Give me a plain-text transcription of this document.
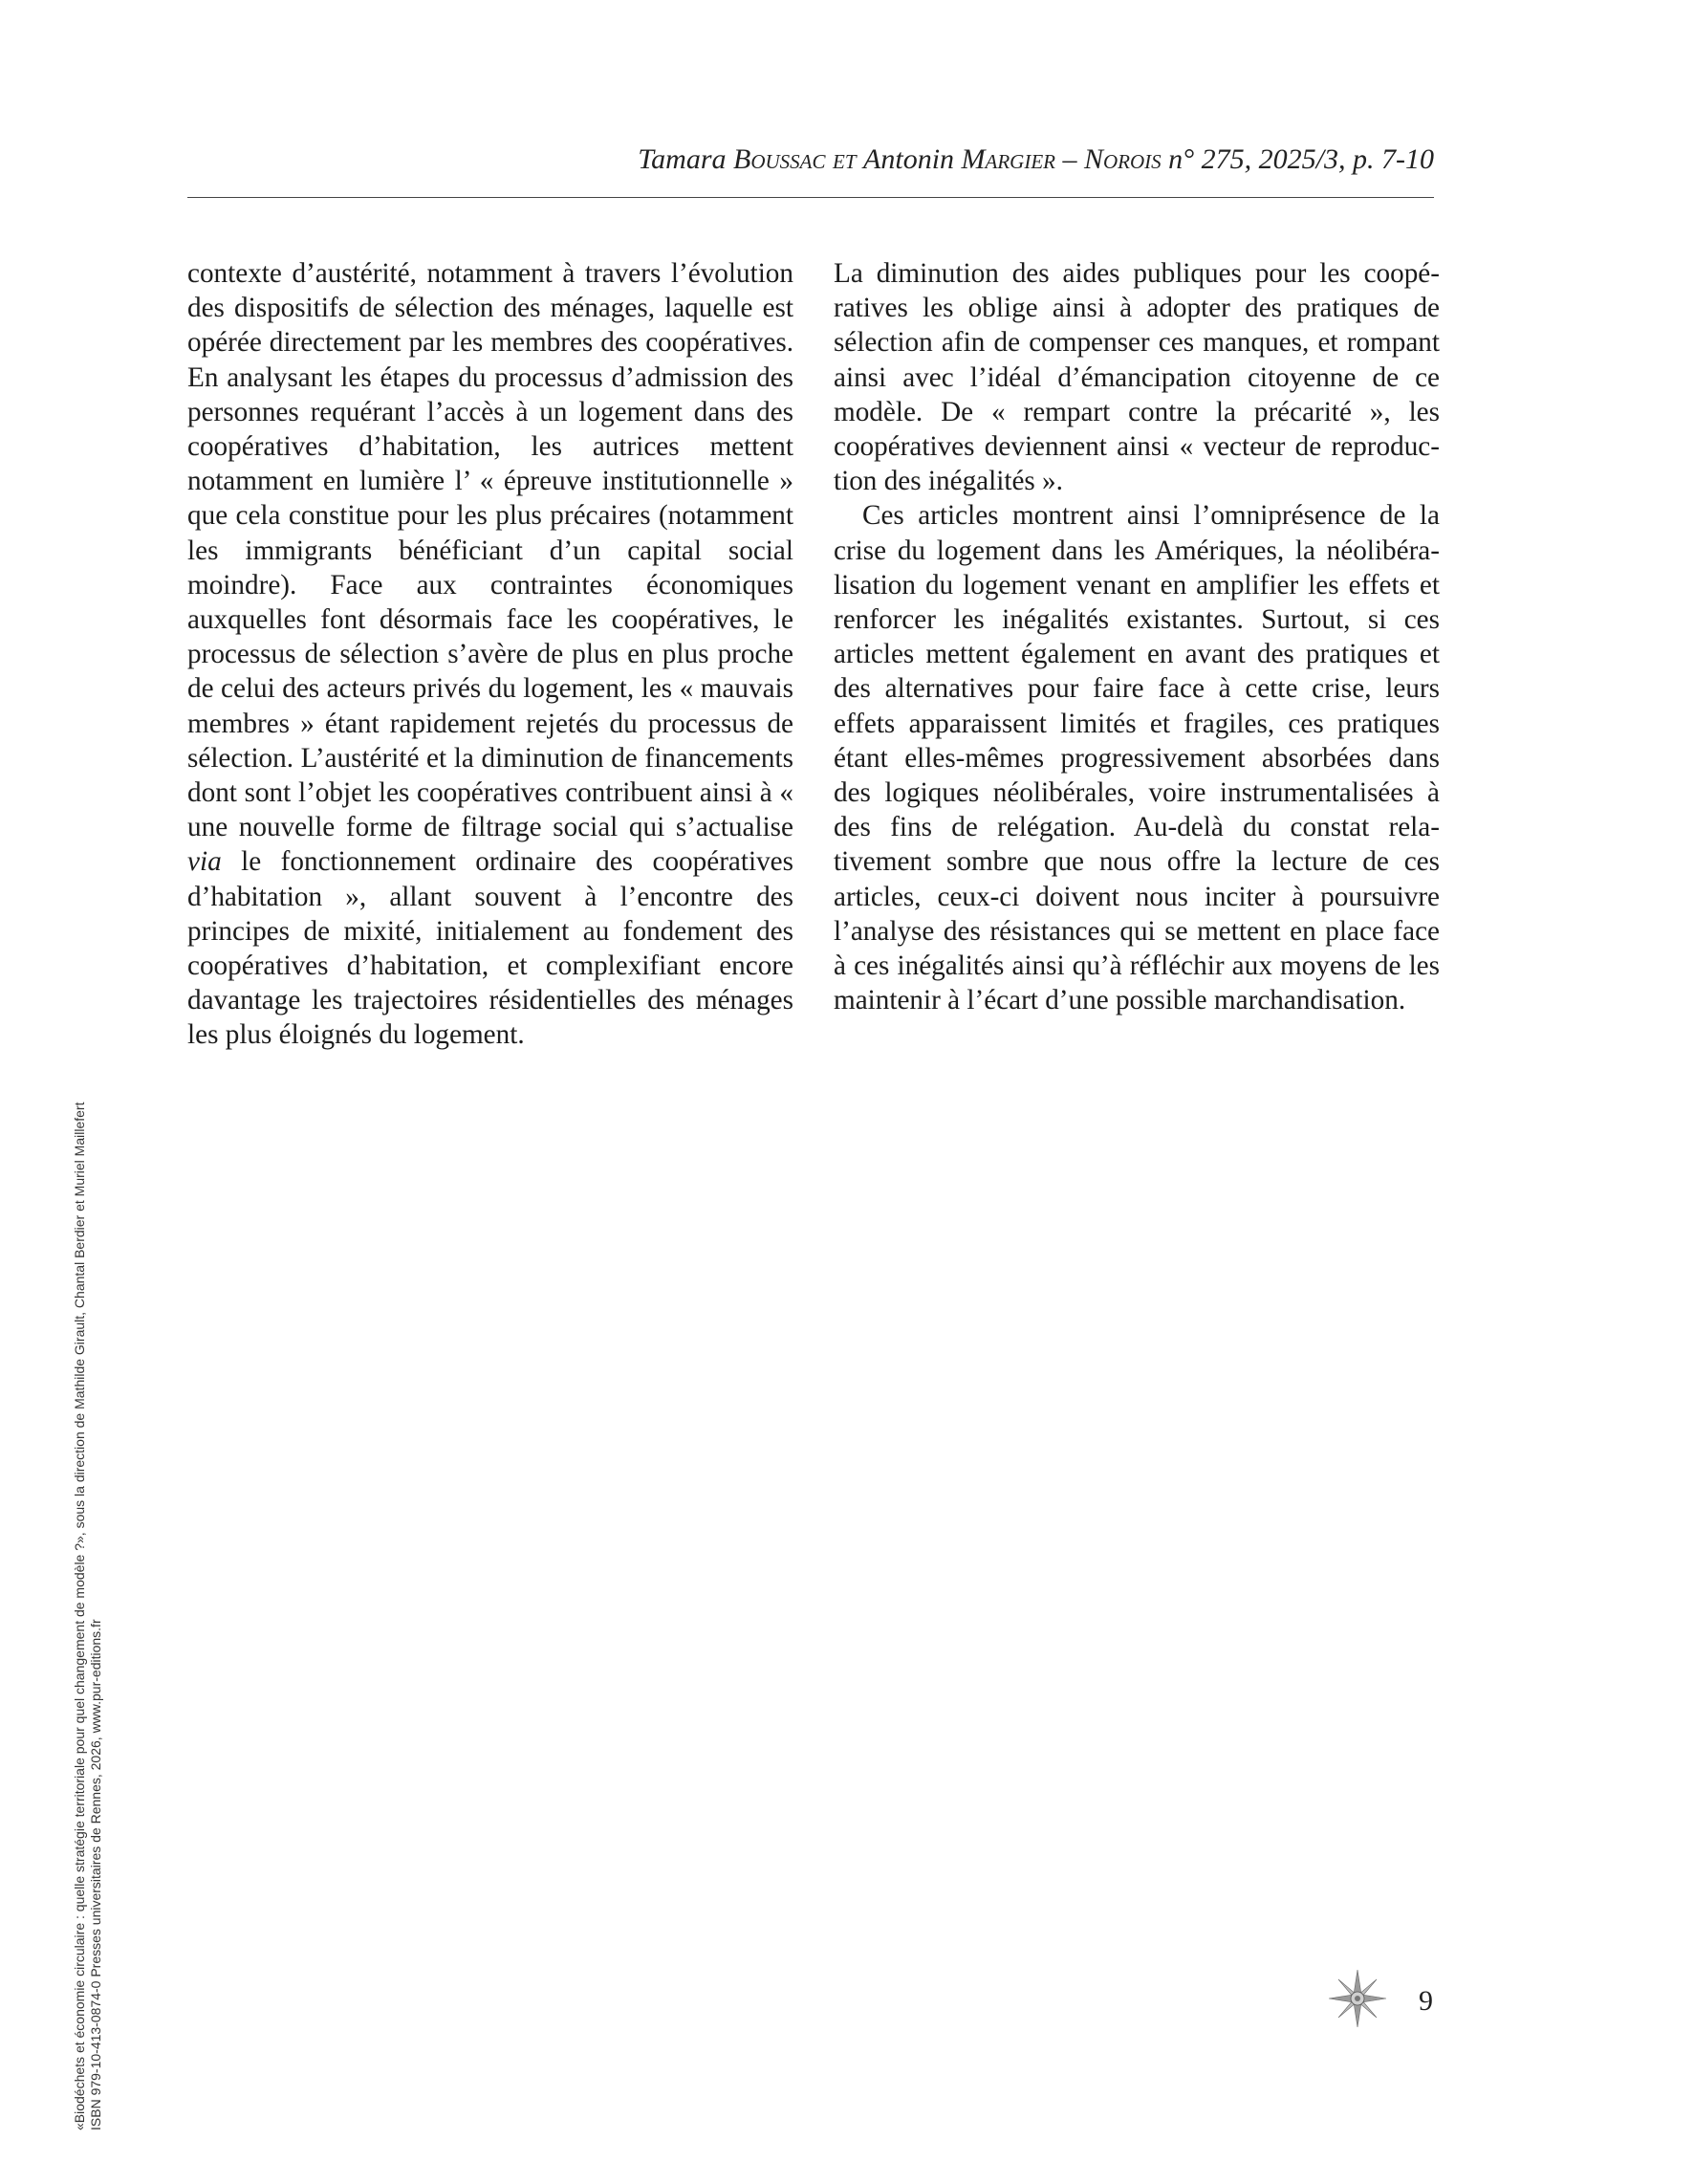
Tamara Boussac et Antonin Margier – Norois n° 275, 2025/3, p. 7-10

contexte d’austérité, notamment à travers l’évolution des dispositifs de sélection des ménages, laquelle est opérée directement par les membres des coopératives. En analysant les étapes du processus d’admission des personnes requérant l’accès à un logement dans des coopératives d’habitation, les autrices mettent notamment en lumière l’ « épreuve institutionnelle » que cela constitue pour les plus précaires (notamment les immigrants bénéficiant d’un capital social moindre). Face aux contraintes économiques auxquelles font désormais face les coopératives, le processus de sélection s’avère de plus en plus proche de celui des acteurs privés du logement, les « mauvais membres » étant rapidement rejetés du processus de sélection. L’austérité et la diminution de financements dont sont l’objet les coopératives contribuent ainsi à « une nouvelle forme de filtrage social qui s’actualise via le fonctionnement ordinaire des coopératives d’habitation », allant souvent à l’encontre des principes de mixité, initialement au fondement des coopératives d’habitation, et complexifiant encore davantage les trajectoires résidentielles des ménages les plus éloignés du logement.

La diminution des aides publiques pour les coopératives les oblige ainsi à adopter des pratiques de sélection afin de compenser ces manques, et rompant ainsi avec l’idéal d’émancipation citoyenne de ce modèle. De « rempart contre la précarité », les coopératives deviennent ainsi « vecteur de reproduction des inégalités ».

Ces articles montrent ainsi l’omniprésence de la crise du logement dans les Amériques, la néolibéralisation du logement venant en amplifier les effets et renforcer les inégalités existantes. Surtout, si ces articles mettent également en avant des pratiques et des alternatives pour faire face à cette crise, leurs effets apparaissent limités et fragiles, ces pratiques étant elles-mêmes progressivement absorbées dans des logiques néolibérales, voire instrumentalisées à des fins de relégation. Au-delà du constat relativement sombre que nous offre la lecture de ces articles, ceux-ci doivent nous inciter à poursuivre l’analyse des résistances qui se mettent en place face à ces inégalités ainsi qu’à réfléchir aux moyens de les maintenir à l’écart d’une possible marchandisation.

«Biodéchets et économie circulaire : quelle stratégie territoriale pour quel changement de modèle ?», sous la direction de Mathilde Girault, Chantal Berdier et Muriel Maillefert ISBN 979-10-413-0874-0 Presses universitaires de Rennes, 2026, www.pur-editions.fr	9
